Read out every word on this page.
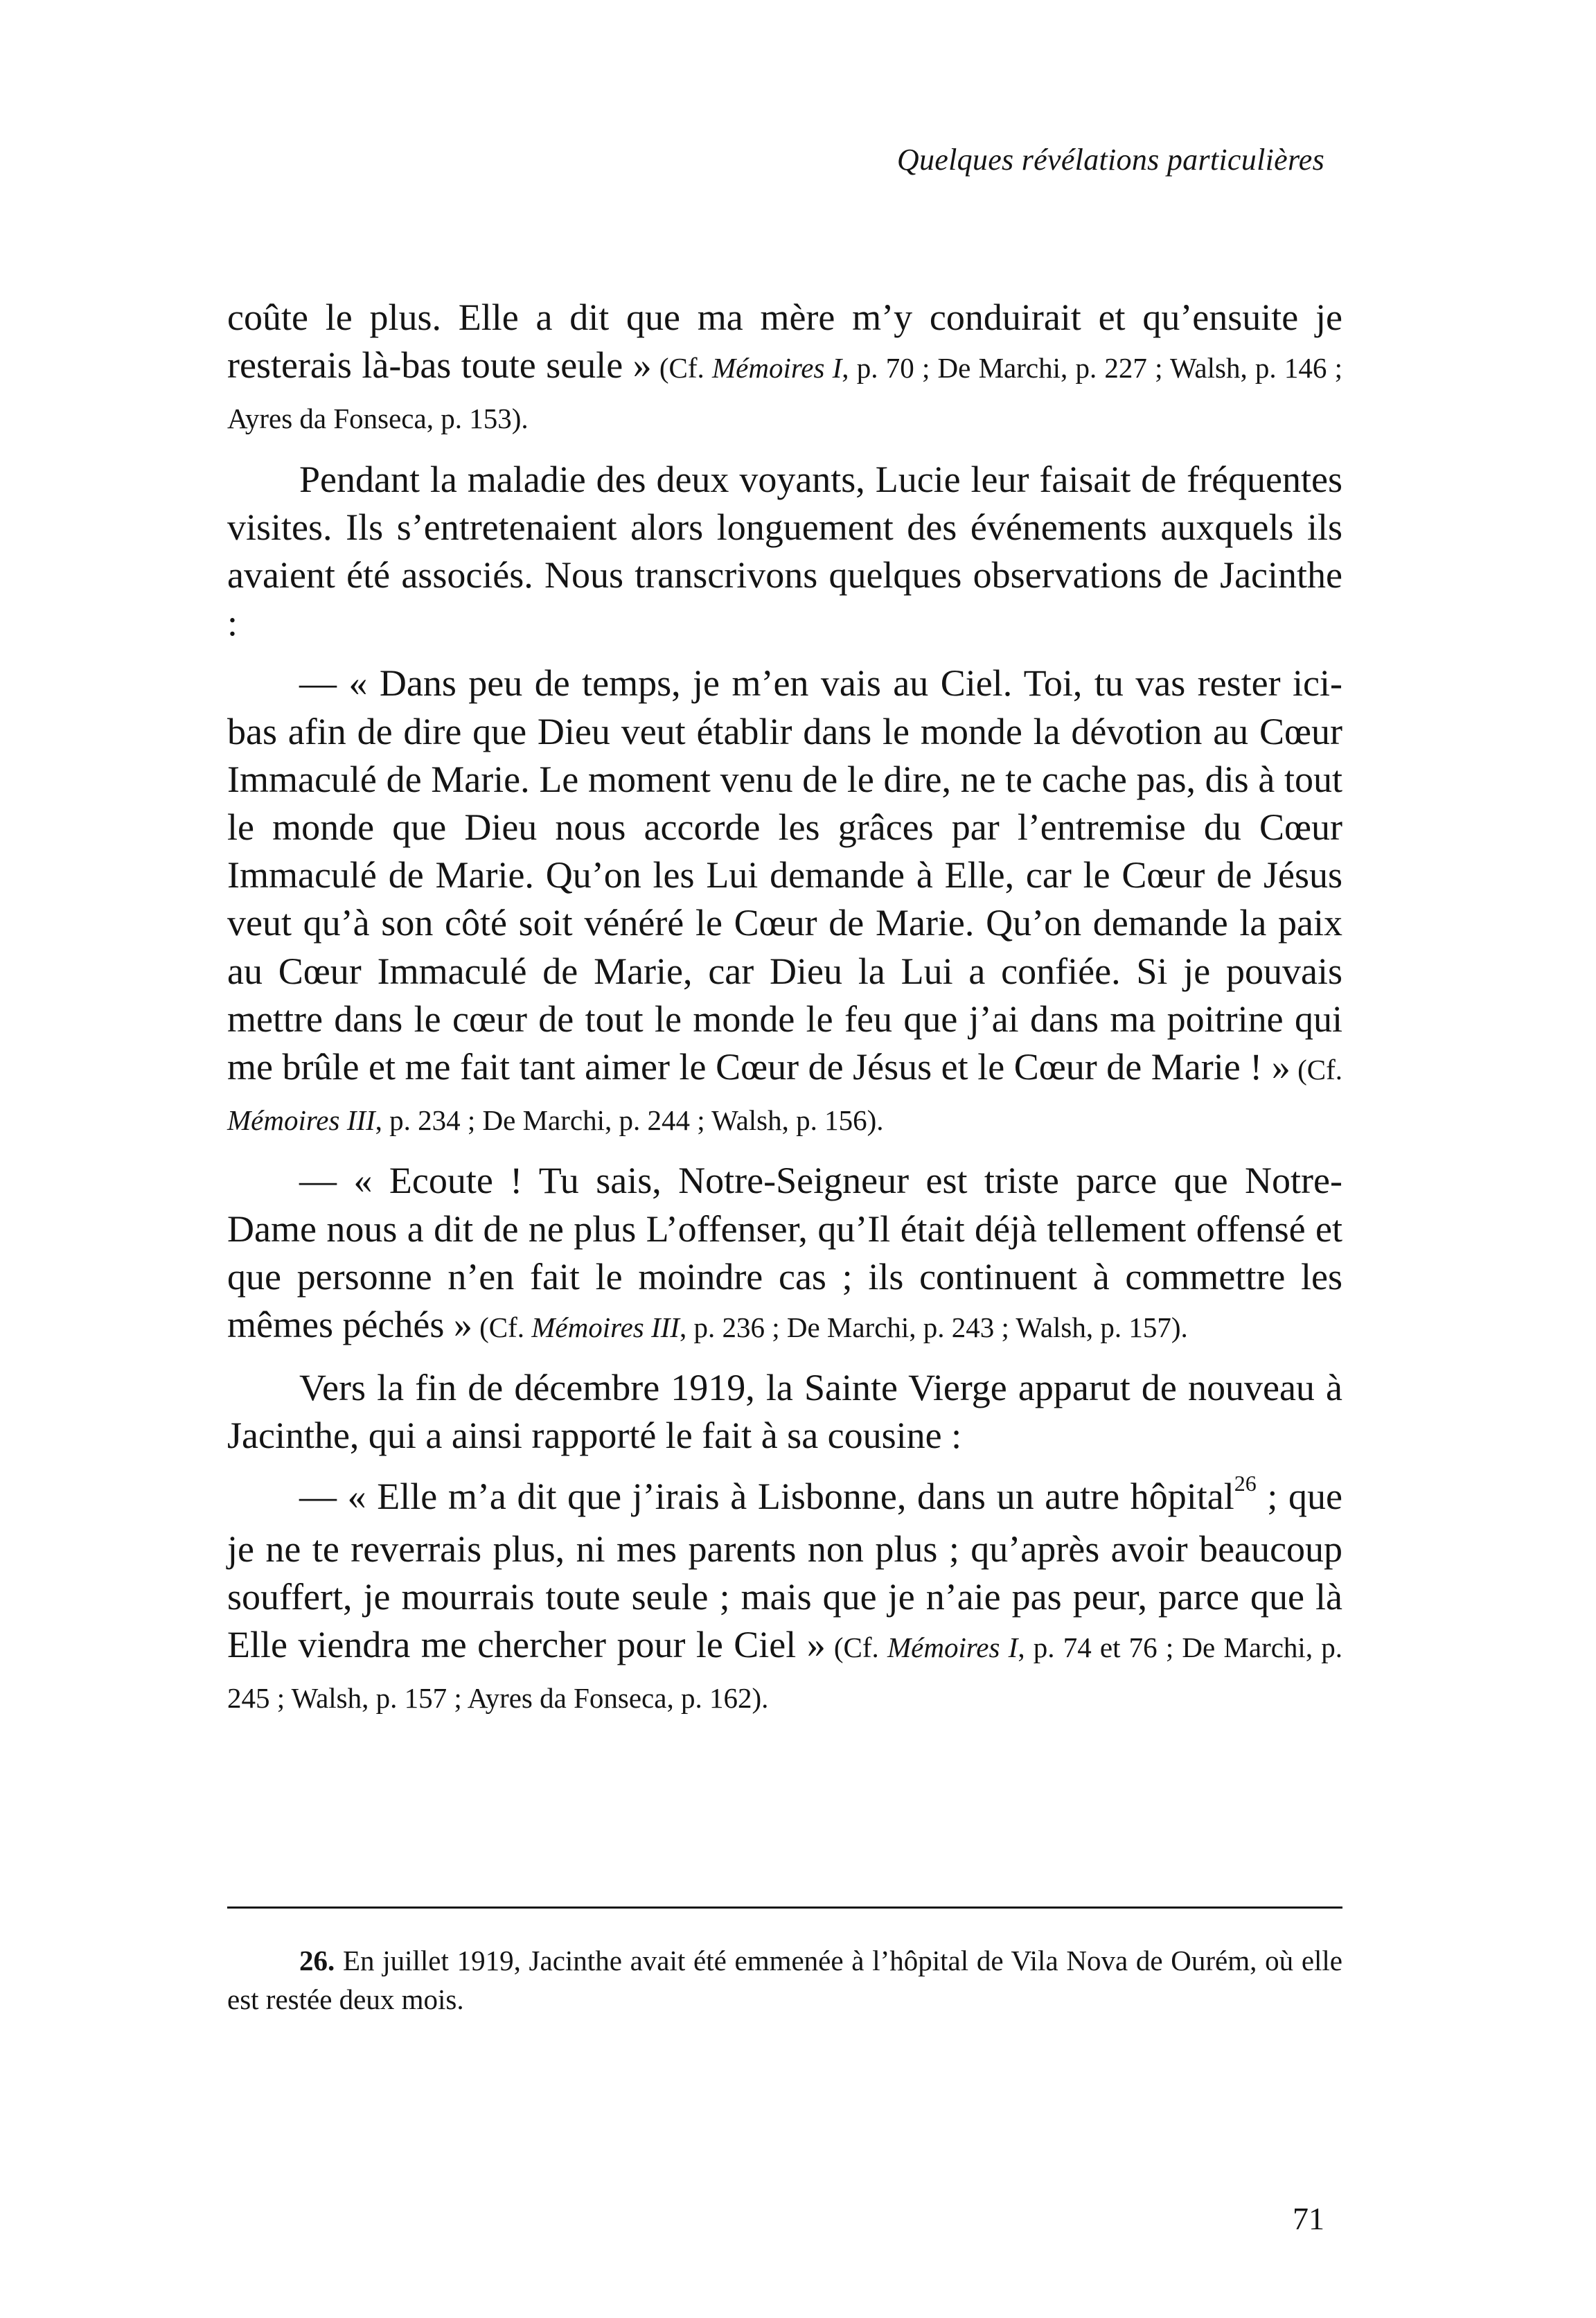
Quelques révélations particulières

coûte le plus. Elle a dit que ma mère m’y conduirait et qu’ensuite je resterais là-bas toute seule » (Cf. Mémoires I, p. 70 ; De Marchi, p. 227 ; Walsh, p. 146 ; Ayres da Fonseca, p. 153).

Pendant la maladie des deux voyants, Lucie leur faisait de fréquentes visites. Ils s’entretenaient alors longuement des événements auxquels ils avaient été associés. Nous transcrivons quelques observations de Jacinthe :

— « Dans peu de temps, je m’en vais au Ciel. Toi, tu vas rester ici-bas afin de dire que Dieu veut établir dans le monde la dévotion au Cœur Immaculé de Marie. Le moment venu de le dire, ne te cache pas, dis à tout le monde que Dieu nous accorde les grâces par l’entremise du Cœur Immaculé de Marie. Qu’on les Lui demande à Elle, car le Cœur de Jésus veut qu’à son côté soit vénéré le Cœur de Marie. Qu’on demande la paix au Cœur Immaculé de Marie, car Dieu la Lui a confiée. Si je pouvais mettre dans le cœur de tout le monde le feu que j’ai dans ma poitrine qui me brûle et me fait tant aimer le Cœur de Jésus et le Cœur de Marie ! » (Cf. Mémoires III, p. 234 ; De Marchi, p. 244 ; Walsh, p. 156).

— « Ecoute ! Tu sais, Notre-Seigneur est triste parce que Notre-Dame nous a dit de ne plus L’offenser, qu’Il était déjà tellement offensé et que personne n’en fait le moindre cas ; ils continuent à commettre les mêmes péchés » (Cf. Mémoires III, p. 236 ; De Marchi, p. 243 ; Walsh, p. 157).

Vers la fin de décembre 1919, la Sainte Vierge apparut de nouveau à Jacinthe, qui a ainsi rapporté le fait à sa cousine :

— « Elle m’a dit que j’irais à Lisbonne, dans un autre hôpital$^{26}$ ; que je ne te reverrais plus, ni mes parents non plus ; qu’après avoir beaucoup souffert, je mourrais toute seule ; mais que je n’aie pas peur, parce que là Elle viendra me chercher pour le Ciel » (Cf. Mémoires I, p. 74 et 76 ; De Marchi, p. 245 ; Walsh, p. 157 ; Ayres da Fonseca, p. 162).

26. En juillet 1919, Jacinthe avait été emmenée à l’hôpital de Vila Nova de Ourém, où elle est restée deux mois.

71
